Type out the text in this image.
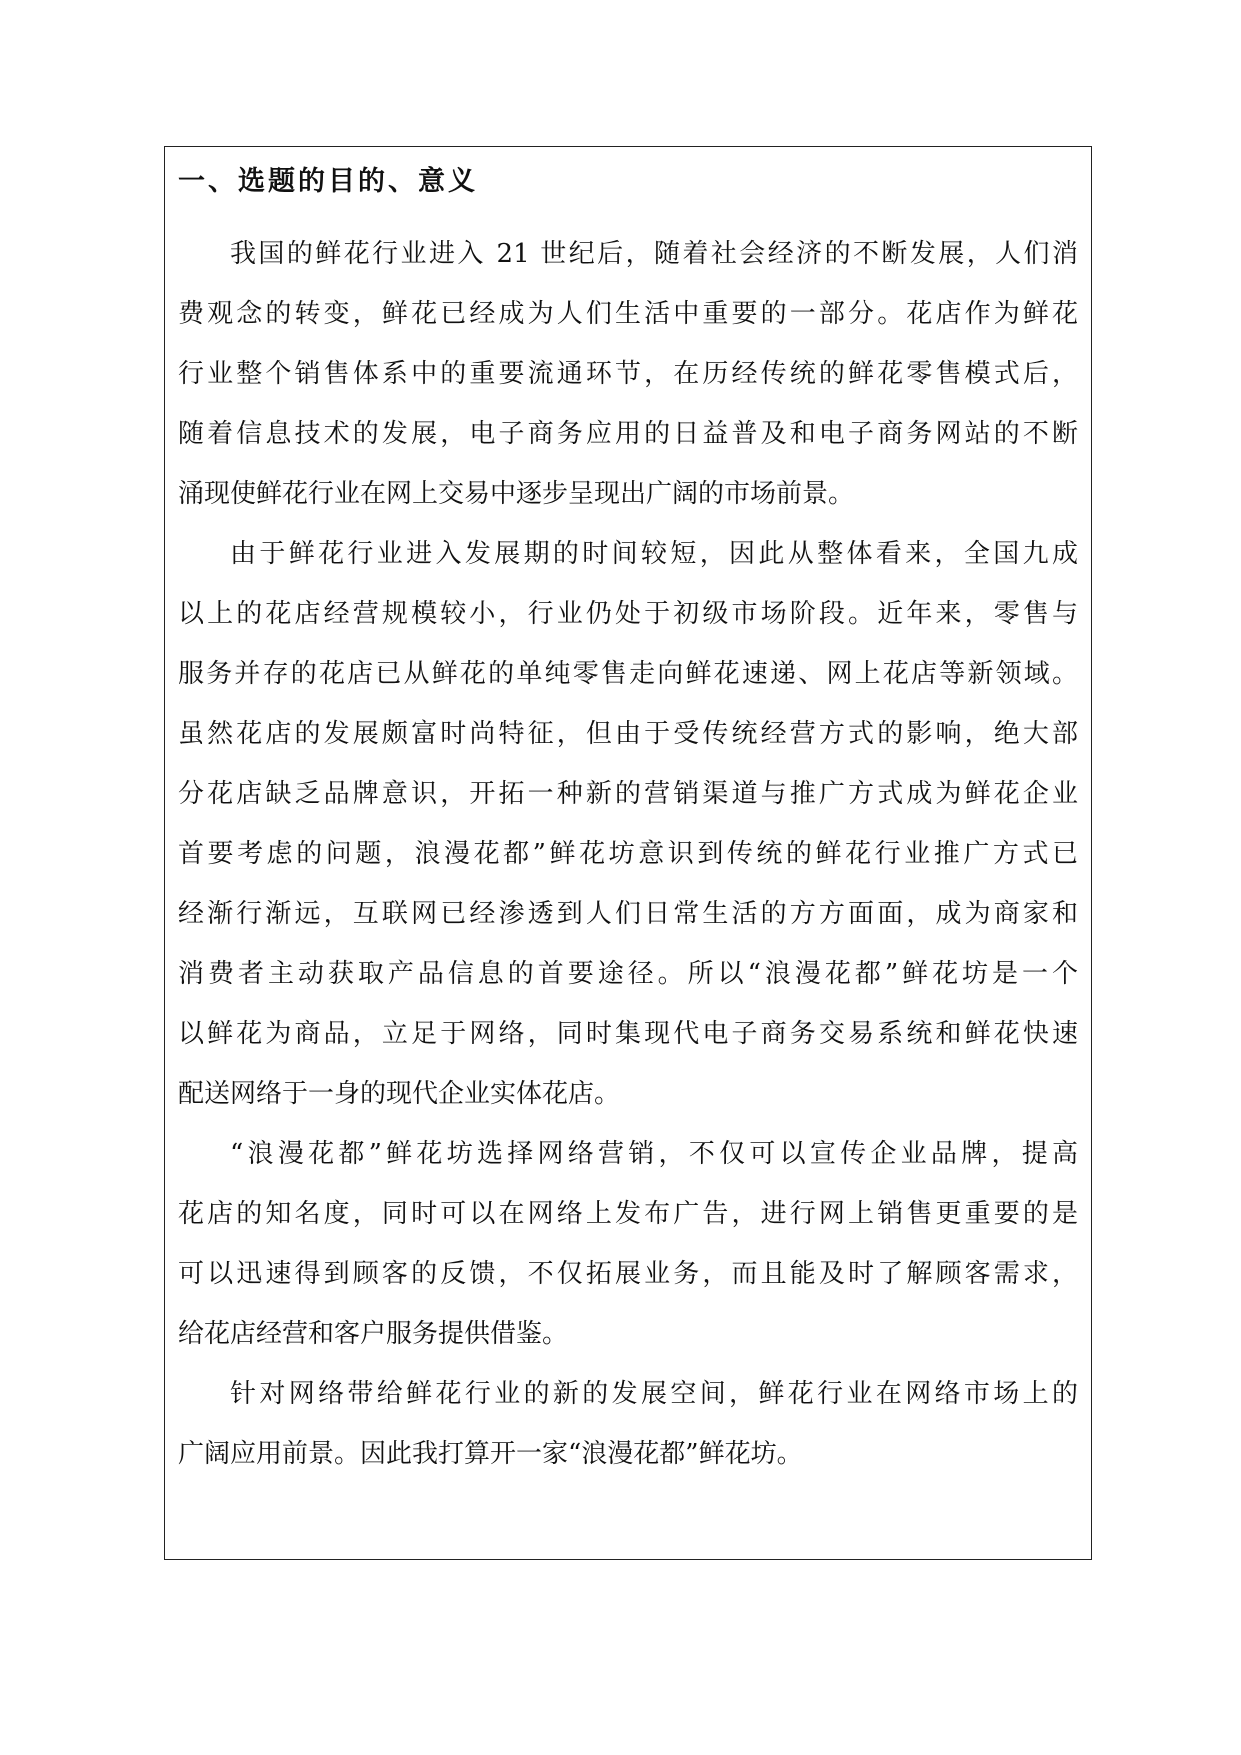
一、选题的目的、意义
我国的鲜花行业进入 21 世纪后，随着社会经济的不断发展，人们消
费观念的转变，鲜花已经成为人们生活中重要的一部分。花店作为鲜花
行业整个销售体系中的重要流通环节，在历经传统的鲜花零售模式后，
随着信息技术的发展，电子商务应用的日益普及和电子商务网站的不断
涌现使鲜花行业在网上交易中逐步呈现出广阔的市场前景。
由于鲜花行业进入发展期的时间较短，因此从整体看来，全国九成
以上的花店经营规模较小，行业仍处于初级市场阶段。近年来，零售与
服务并存的花店已从鲜花的单纯零售走向鲜花速递、网上花店等新领域。
虽然花店的发展颇富时尚特征，但由于受传统经营方式的影响，绝大部
分花店缺乏品牌意识，开拓一种新的营销渠道与推广方式成为鲜花企业
首要考虑的问题，浪漫花都”鲜花坊意识到传统的鲜花行业推广方式已
经渐行渐远，互联网已经渗透到人们日常生活的方方面面，成为商家和
消费者主动获取产品信息的首要途径。所以“浪漫花都”鲜花坊是一个
以鲜花为商品，立足于网络，同时集现代电子商务交易系统和鲜花快速
配送网络于一身的现代企业实体花店。
“浪漫花都”鲜花坊选择网络营销，不仅可以宣传企业品牌，提高
花店的知名度，同时可以在网络上发布广告，进行网上销售更重要的是
可以迅速得到顾客的反馈，不仅拓展业务，而且能及时了解顾客需求，
给花店经营和客户服务提供借鉴。
针对网络带给鲜花行业的新的发展空间，鲜花行业在网络市场上的
广阔应用前景。因此我打算开一家“浪漫花都”鲜花坊。
